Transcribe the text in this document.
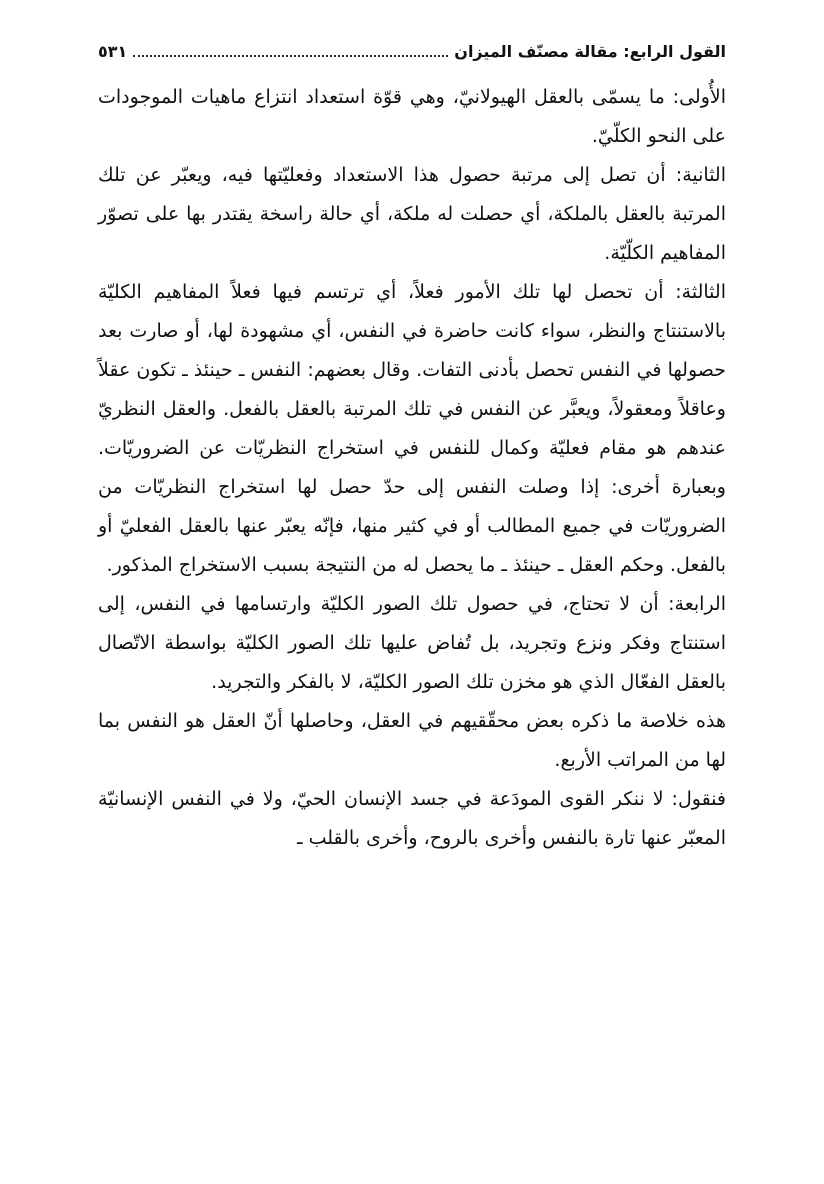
القول الرابع: مقالة مصنّف الميزان
٥٣١

الأُولى: ما يسمّى بالعقل الهيولانيّ، وهي قوّة استعداد انتزاع ماهيات الموجودات على النحو الكلّيّ.

الثانية: أن تصل إلى مرتبة حصول هذا الاستعداد وفعليّتها فيه، ويعبّر عن تلك المرتبة بالعقل بالملكة، أي حصلت له ملكة، أي حالة راسخة يقتدر بها على تصوّر المفاهيم الكلّيّة.

الثالثة: أن تحصل لها تلك الأمور فعلاً، أي ترتسم فيها فعلاً المفاهيم الكليّة بالاستنتاج والنظر، سواء كانت حاضرة في النفس، أي مشهودة لها، أو صارت بعد حصولها في النفس تحصل بأدنى التفات. وقال بعضهم: النفس ـ حينئذ ـ تكون عقلاً وعاقلاً ومعقولاً، ويعبَّر عن النفس في تلك المرتبة بالعقل بالفعل. والعقل النظريّ عندهم هو مقام فعليّة وكمال للنفس في استخراج النظريّات عن الضروريّات. وبعبارة أخرى: إذا وصلت النفس إلى حدّ حصل لها استخراج النظريّات من الضروريّات في جميع المطالب أو في كثير منها، فإنّه يعبّر عنها بالعقل الفعليّ أو بالفعل. وحكم العقل ـ حينئذ ـ ما يحصل له من النتيجة بسبب الاستخراج المذكور.

الرابعة: أن لا تحتاج، في حصول تلك الصور الكليّة وارتسامها في النفس، إلى استنتاج وفكر ونزع وتجريد، بل تُفاض عليها تلك الصور الكليّة بواسطة الاتّصال بالعقل الفعّال الذي هو مخزن تلك الصور الكليّة، لا بالفكر والتجريد.

هذه خلاصة ما ذكره بعض محقّقيهم في العقل، وحاصلها أنّ العقل هو النفس بما لها من المراتب الأربع.

فنقول: لا ننكر القوى المودَعة في جسد الإنسان الحيّ، ولا في النفس الإنسانيّة المعبّر عنها تارة بالنفس وأخرى بالروح، وأخرى بالقلب ـ
